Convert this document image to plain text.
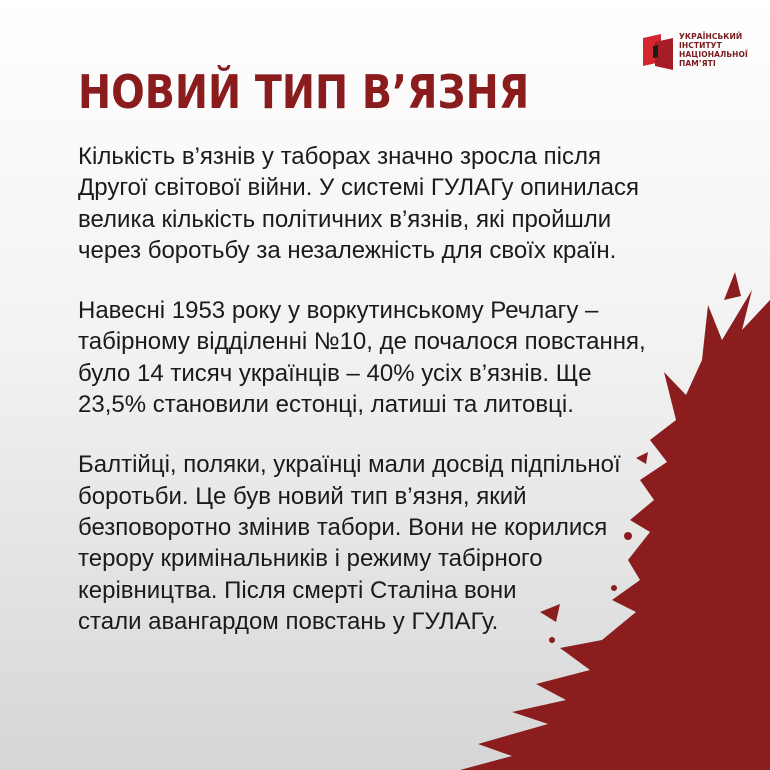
УКРАЇНСЬКИЙ
ІНСТИТУТ
НАЦІОНАЛЬНОЇ
ПАМ’ЯТІ
НОВИЙ ТИП В’ЯЗНЯ

Кількість в’язнів у таборах значно зросла після
Другої світової війни. У системі ГУЛАГу опинилася
велика кількість політичних в’язнів, які пройшли
через боротьбу за незалежність для своїх країн.

Навесні 1953 року у воркутинському Речлагу –
табірному відділенні №10, де почалося повстання,
було 14 тисяч українців – 40% усіх в’язнів. Ще
23,5% становили естонці, латиші та литовці.

Балтійці, поляки, українці мали досвід підпільної
боротьби. Це був новий тип в’язня, який
безповоротно змінив табори. Вони не корилися
терору кримінальників і режиму табірного
керівництва. Після смерті Сталіна вони
стали авангардом повстань у ГУЛАГу.
